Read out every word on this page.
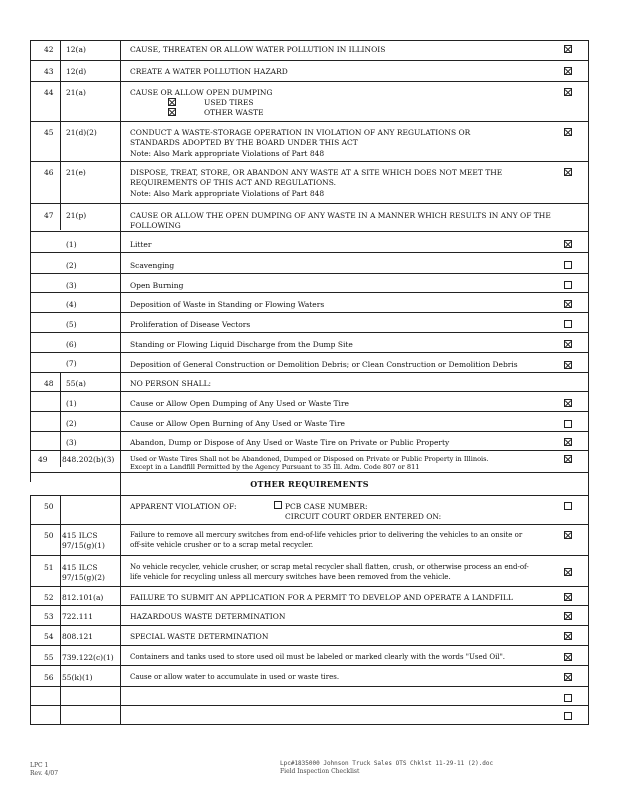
42 12(a)	CAUSE, THREATEN OR ALLOW WATER POLLUTION IN ILLINOIS
43 12(d)	CREATE A WATER POLLUTION HAZARD
44 21(a)	CAUSE OR ALLOW OPEN DUMPING
USED TIRES
OTHER WASTE
45 21(d)(2)	CONDUCT A WASTE-STORAGE OPERATION IN VIOLATION OF ANY REGULATIONS OR
STANDARDS ADOPTED BY THE BOARD UNDER THIS ACT
Note: Also Mark appropriate Violations of Part 848
46 21(e)	DISPOSE, TREAT, STORE, OR ABANDON ANY WASTE AT A SITE WHICH DOES NOT MEET THE
REQUIREMENTS OF THIS ACT AND REGULATIONS.
Note: Also Mark appropriate Violations of Part 848
47 21(p)	CAUSE OR ALLOW THE OPEN DUMPING OF ANY WASTE IN A MANNER WHICH RESULTS IN ANY OF THE
FOLLOWING
(1)	Litter
(2)	Scavenging
(3)	Open Burning
(4)	Deposition of Waste in Standing or Flowing Waters
(5)	Proliferation of Disease Vectors
(6)	Standing or Flowing Liquid Discharge from the Dump Site
(7)	Deposition of General Construction or Demolition Debris; or Clean Construction or Demolition Debris
48 55(a)	NO PERSON SHALL:
(1)	Cause or Allow Open Dumping of Any Used or Waste Tire
(2)	Cause or Allow Open Burning of Any Used or Waste Tire
(3)	Abandon, Dump or Dispose of Any Used or Waste Tire on Private or Public Property
49 848.202(b)(3) Used or Waste Tires Shall not be Abandoned, Dumped or Disposed on Private or Public Property in Illinois.
Except in a Landfill Permitted by the Agency Pursuant to 35 Ill. Adm. Code 807 or 811
OTHER REQUIREMENTS
50	APPARENT VIOLATION OF:	PCB CASE NUMBER:
CIRCUIT COURT ORDER ENTERED ON:
50 415 ILCS
97/15(g)(1)
Failure to remove all mercury switches from end-of-life vehicles prior to delivering the vehicles to an onsite or
off-site vehicle crusher or to a scrap metal recycler.
51 415 ILCS
97/15(g)(2)
No vehicle recycler, vehicle crusher, or scrap metal recycler shall flatten, crush, or otherwise process an end-of-
life vehicle for recycling unless all mercury switches have been removed from the vehicle.
52 812.101(a)	FAILURE TO SUBMIT AN APPLICATION FOR A PERMIT TO DEVELOP AND OPERATE A LANDFILL
53 722.111	HAZARDOUS WASTE DETERMINATION
54 808.121	SPECIAL WASTE DETERMINATION
55 739.122(c)(1) Containers and tanks used to store used oil must be labeled or marked clearly with the words "Used Oil".
56 55(k)(1)	Cause or allow water to accumulate in used or waste tires.
LPC 1
Rev. 4/07
Lpc#1835000 Johnson Truck Sales OTS Chklst 11-29-11 (2).doc
Field Inspection Checklist
